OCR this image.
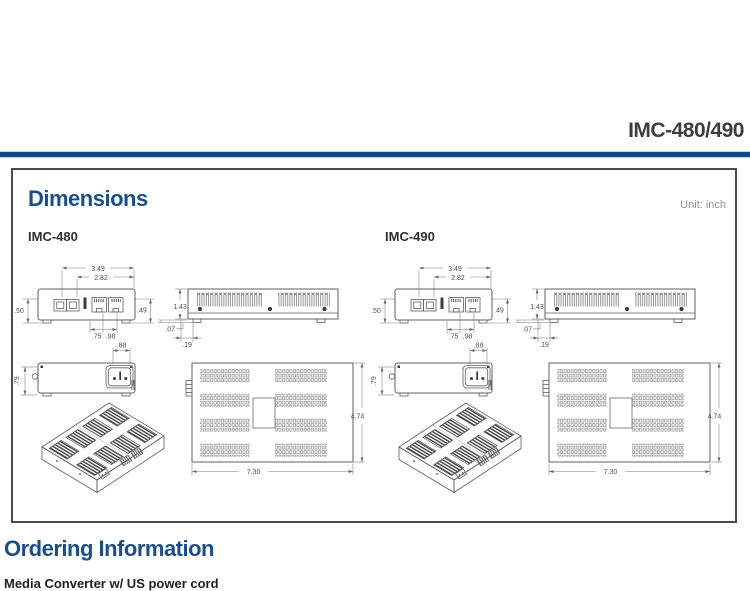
IMC-480/490
Dimensions	Unit: inch
IMC-480	IMC-490
3.49
2.82
.50	.49
.75 .98
1.43
.07
.19
.88
.79
4.74
7.30
3.49
2.82
.50	.49
.75 .98
1.43
.07
.19
.88
.79
4.74
7.30
Ordering Information
Media Converter w/ US power cord
